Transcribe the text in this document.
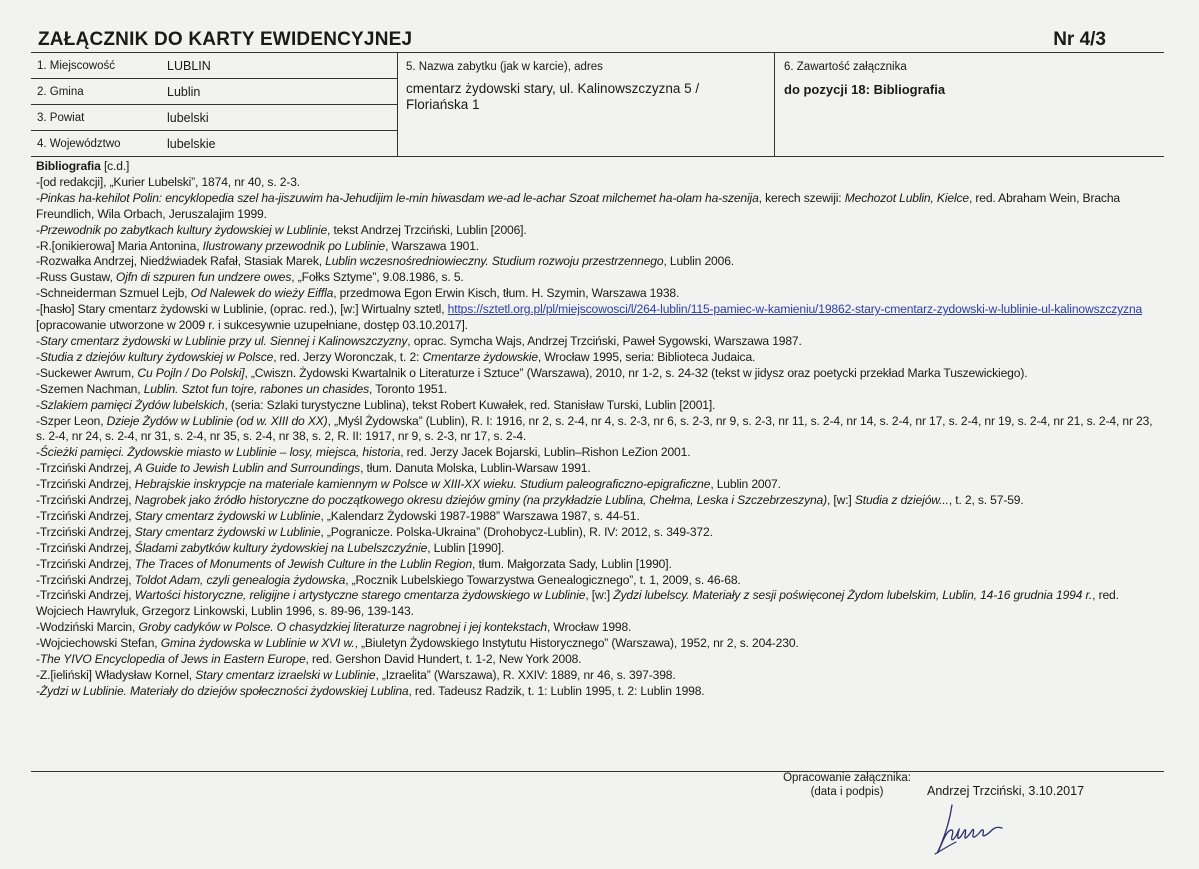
ZAŁĄCZNIK DO KARTY EWIDENCYJNEJ	Nr 4/3
1. Miejscowość	LUBLIN
2. Gmina	Lublin
3. Powiat	lubelski
4. Województwo	lubelskie
5. Nazwa zabytku (jak w karcie), adres
cmentarz żydowski stary, ul. Kalinowszczyzna 5 / Floriańska 1
6. Zawartość załącznika
do pozycji 18: Bibliografia
Bibliografia [c.d.]
-[od redakcji], „Kurier Lubelski”, 1874, nr 40, s. 2-3.
-Pinkas ha-kehilot Polin: encyklopedia szel ha-jiszuwim ha-Jehudijim le-min hiwasdam we-ad le-achar Szoat milchemet ha-olam ha-szenija, kerech szewiji: Mechozot Lublin, Kielce, red. Abraham Wein, Bracha Freundlich, Wila Orbach, Jeruszalajim 1999.
-Przewodnik po zabytkach kultury żydowskiej w Lublinie, tekst Andrzej Trzciński, Lublin [2006].
-R.[onikierowa] Maria Antonina, Ilustrowany przewodnik po Lublinie, Warszawa 1901.
-Rozwałka Andrzej, Niedźwiadek Rafał, Stasiak Marek, Lublin wczesnośredniowieczny. Studium rozwoju przestrzennego, Lublin 2006.
-Russ Gustaw, Ojfn di szpuren fun undzere owes, „Fołks Sztyme”, 9.08.1986, s. 5.
-Schneiderman Szmuel Lejb, Od Nalewek do wieży Eiffla, przedmowa Egon Erwin Kisch, tłum. H. Szymin, Warszawa 1938.
-[hasło] Stary cmentarz żydowski w Lublinie, (oprac. red.), [w:] Wirtualny sztetl, https://sztetl.org.pl/pl/miejscowosci/l/264-lublin/115-pamiec-w-kamieniu/19862-stary-cmentarz-zydowski-w-lublinie-ul-kalinowszczyzna [opracowanie utworzone w 2009 r. i sukcesywnie uzupełniane, dostęp 03.10.2017].
-Stary cmentarz żydowski w Lublinie przy ul. Siennej i Kalinowszczyzny, oprac. Symcha Wajs, Andrzej Trzciński, Paweł Sygowski, Warszawa 1987.
-Studia z dziejów kultury żydowskiej w Polsce, red. Jerzy Woronczak, t. 2: Cmentarze żydowskie, Wrocław 1995, seria: Biblioteca Judaica.
-Suckewer Awrum, Cu Pojln / Do Polski], „Cwiszn. Żydowski Kwartalnik o Literaturze i Sztuce” (Warszawa), 2010, nr 1-2, s. 24-32 (tekst w jidysz oraz poetycki przekład Marka Tuszewickiego).
-Szemen Nachman, Lublin. Sztot fun tojre, rabones un chasides, Toronto 1951.
-Szlakiem pamięci Żydów lubelskich, (seria: Szlaki turystyczne Lublina), tekst Robert Kuwałek, red. Stanisław Turski, Lublin [2001].
-Szper Leon, Dzieje Żydów w Lublinie (od w. XIII do XX), „Myśl Żydowska” (Lublin), R. I: 1916, nr 2, s. 2-4, nr 4, s. 2-3, nr 6, s. 2-3, nr 9, s. 2-3, nr 11, s. 2-4, nr 14, s. 2-4, nr 17, s. 2-4, nr 19, s. 2-4, nr 21, s. 2-4, nr 23, s. 2-4, nr 24, s. 2-4, nr 31, s. 2-4, nr 35, s. 2-4, nr 38, s. 2, R. II: 1917, nr 9, s. 2-3, nr 17, s. 2-4.
-Ścieżki pamięci. Żydowskie miasto w Lublinie – losy, miejsca, historia, red. Jerzy Jacek Bojarski, Lublin–Rishon LeZion 2001.
-Trzciński Andrzej, A Guide to Jewish Lublin and Surroundings, tłum. Danuta Molska, Lublin-Warsaw 1991.
-Trzciński Andrzej, Hebrajskie inskrypcje na materiale kamiennym w Polsce w XIII-XX wieku. Studium paleograficzno-epigraficzne, Lublin 2007.
-Trzciński Andrzej, Nagrobek jako źródło historyczne do początkowego okresu dziejów gminy (na przykładzie Lublina, Chełma, Leska i Szczebrzeszyna), [w:] Studia z dziejów..., t. 2, s. 57-59.
-Trzciński Andrzej, Stary cmentarz żydowski w Lublinie, „Kalendarz Żydowski 1987-1988” Warszawa 1987, s. 44-51.
-Trzciński Andrzej, Stary cmentarz żydowski w Lublinie, „Pogranicze. Polska-Ukraina” (Drohobycz-Lublin), R. IV: 2012, s. 349-372.
-Trzciński Andrzej, Śladami zabytków kultury żydowskiej na Lubelszczyźnie, Lublin [1990].
-Trzciński Andrzej, The Traces of Monuments of Jewish Culture in the Lublin Region, tłum. Małgorzata Sady, Lublin [1990].
-Trzciński Andrzej, Toldot Adam, czyli genealogia żydowska, „Rocznik Lubelskiego Towarzystwa Genealogicznego”, t. 1, 2009, s. 46-68.
-Trzciński Andrzej, Wartości historyczne, religijne i artystyczne starego cmentarza żydowskiego w Lublinie, [w:] Żydzi lubelscy. Materiały z sesji poświęconej Żydom lubelskim, Lublin, 14-16 grudnia 1994 r., red. Wojciech Hawryluk, Grzegorz Linkowski, Lublin 1996, s. 89-96, 139-143.
-Wodziński Marcin, Groby cadyków w Polsce. O chasydzkiej literaturze nagrobnej i jej kontekstach, Wrocław 1998.
-Wojciechowski Stefan, Gmina żydowska w Lublinie w XVI w., „Biuletyn Żydowskiego Instytutu Historycznego” (Warszawa), 1952, nr 2, s. 204-230.
-The YIVO Encyclopedia of Jews in Eastern Europe, red. Gershon David Hundert, t. 1-2, New York 2008.
-Z.[ieliński] Władysław Kornel, Stary cmentarz izraelski w Lublinie, „Izraelita” (Warszawa), R. XXIV: 1889, nr 46, s. 397-398.
-Żydzi w Lublinie. Materiały do dziejów społeczności żydowskiej Lublina, red. Tadeusz Radzik, t. 1: Lublin 1995, t. 2: Lublin 1998.
Opracowanie załącznika:
(data i podpis)	Andrzej Trzciński, 3.10.2017
